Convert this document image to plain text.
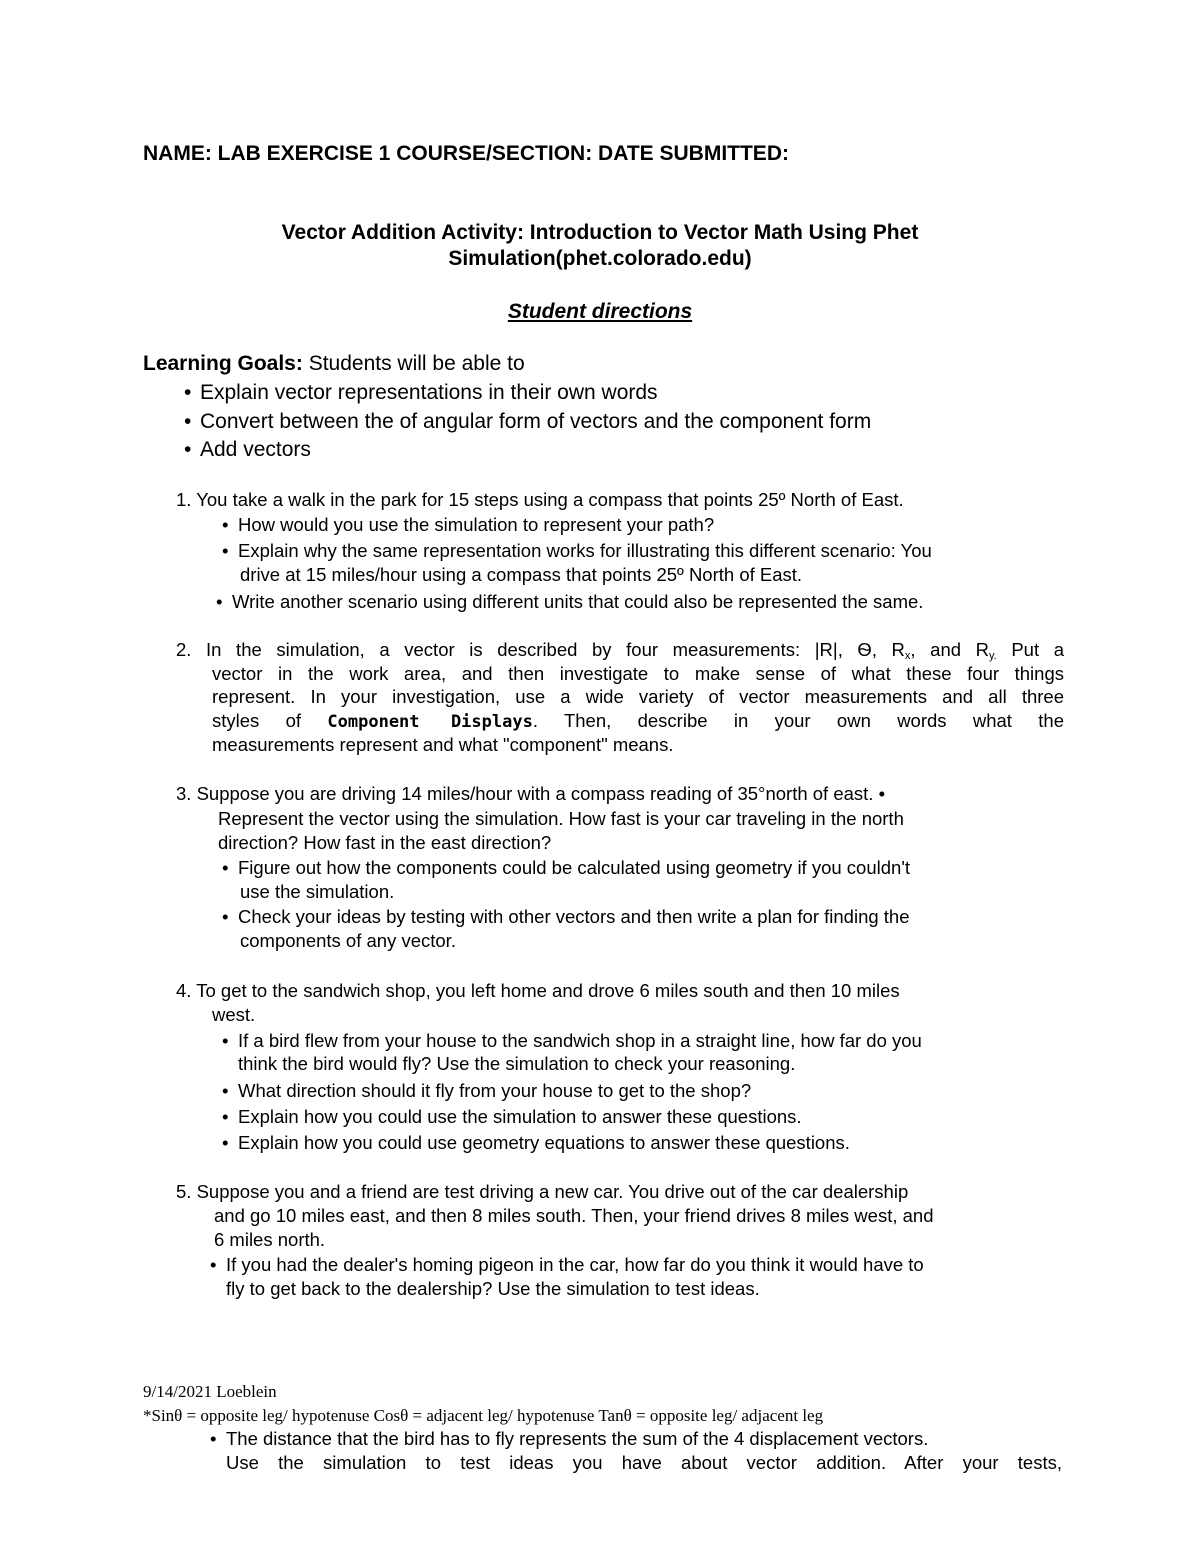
NAME: LAB EXERCISE 1 COURSE/SECTION: DATE SUBMITTED:
Vector Addition Activity: Introduction to Vector Math Using Phet
Simulation(phet.colorado.edu)
Student directions
Learning Goals: Students will be able to
• Explain vector representations in their own words
• Convert between the of angular form of vectors and the component form
• Add vectors
1. You take a walk in the park for 15 steps using a compass that points 25º North of East.
• How would you use the simulation to represent your path?
• Explain why the same representation works for illustrating this different scenario: You
drive at 15 miles/hour using a compass that points 25º North of East.
• Write another scenario using different units that could also be represented the same.
2. In the simulation, a vector is described by four measurements: |R|, Ѳ, $R_x$, and $R_{y.}$ Put a
vector in the work area, and then investigate to make sense of what these four things
represent. In your investigation, use a wide variety of vector measurements and all three
styles of Component Displays. Then, describe in your own words what the
measurements represent and what "component" means.
3. Suppose you are driving 14 miles/hour with a compass reading of 35°north of east. •
Represent the vector using the simulation. How fast is your car traveling in the north
direction? How fast in the east direction?
• Figure out how the components could be calculated using geometry if you couldn't
use the simulation.
• Check your ideas by testing with other vectors and then write a plan for finding the
components of any vector.
4. To get to the sandwich shop, you left home and drove 6 miles south and then 10 miles
west.
• If a bird flew from your house to the sandwich shop in a straight line, how far do you
think the bird would fly? Use the simulation to check your reasoning.
• What direction should it fly from your house to get to the shop?
• Explain how you could use the simulation to answer these questions.
• Explain how you could use geometry equations to answer these questions.
5. Suppose you and a friend are test driving a new car. You drive out of the car dealership
and go 10 miles east, and then 8 miles south. Then, your friend drives 8 miles west, and
6 miles north.
• If you had the dealer's homing pigeon in the car, how far do you think it would have to
fly to get back to the dealership? Use the simulation to test ideas.
9/14/2021 Loeblein
*Sinθ = opposite leg/ hypotenuse Cosθ = adjacent leg/ hypotenuse Tanθ = opposite leg/ adjacent leg
• The distance that the bird has to fly represents the sum of the 4 displacement vectors.
Use the simulation to test ideas you have about vector addition. After your tests,
